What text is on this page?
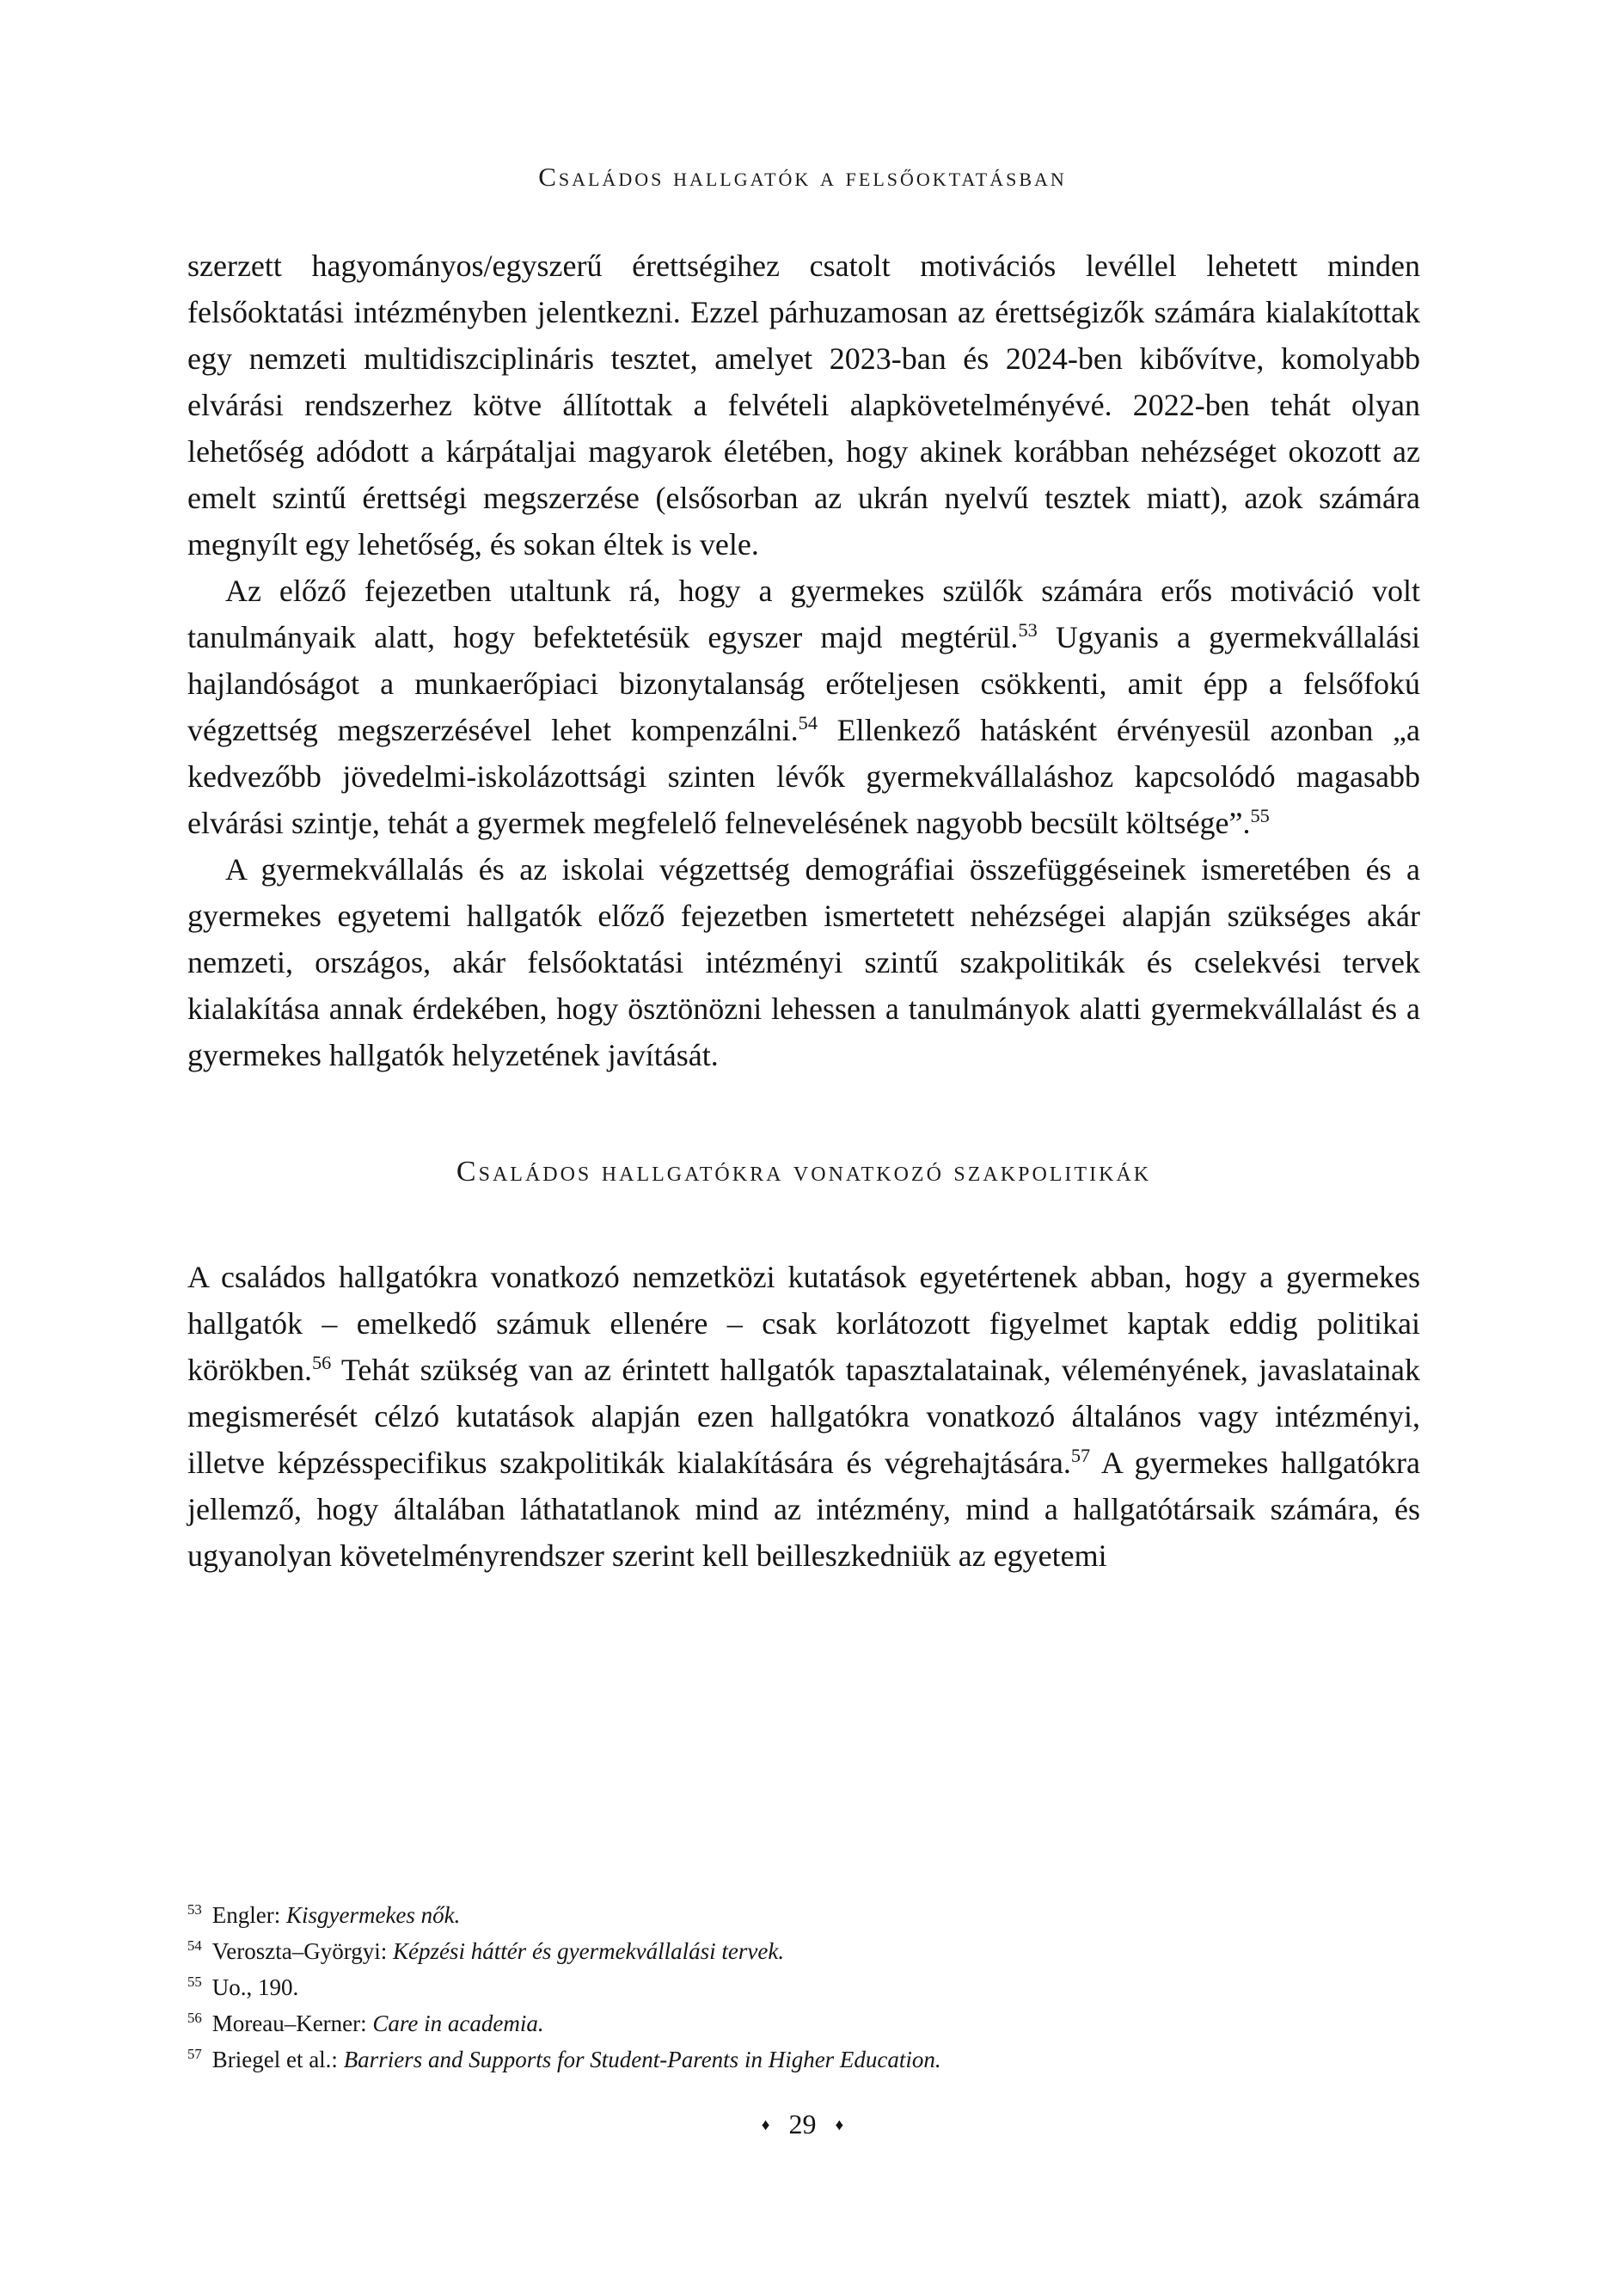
Családos hallgatók a felsőoktatásban

szerzett hagyományos/egyszerű érettségihez csatolt motivációs levéllel lehetett minden felsőoktatási intézményben jelentkezni. Ezzel párhuzamosan az érettségizők számára kialakítottak egy nemzeti multidiszciplináris tesztet, amelyet 2023-ban és 2024-ben kibővítve, komolyabb elvárási rendszerhez kötve állítottak a felvételi alapkövetelményévé. 2022-ben tehát olyan lehetőség adódott a kárpátaljai magyarok életében, hogy akinek korábban nehézséget okozott az emelt szintű érettségi megszerzése (elsősorban az ukrán nyelvű tesztek miatt), azok számára megnyílt egy lehetőség, és sokan éltek is vele.

Az előző fejezetben utaltunk rá, hogy a gyermekes szülők számára erős motiváció volt tanulmányaik alatt, hogy befektetésük egyszer majd megtérül.$^{53}$ Ugyanis a gyermekvállalási hajlandóságot a munkaerőpiaci bizonytalanság erőteljesen csökkenti, amit épp a felsőfokú végzettség megszerzésével lehet kompenzálni.$^{54}$ Ellenkező hatásként érvényesül azonban „a kedvezőbb jövedelmi-iskolázottsági szinten lévők gyermekvállaláshoz kapcsolódó magasabb elvárási szintje, tehát a gyermek megfelelő felnevelésének nagyobb becsült költsége”.$^{55}$

A gyermekvállalás és az iskolai végzettség demográfiai összefüggéseinek ismeretében és a gyermekes egyetemi hallgatók előző fejezetben ismertetett nehézségei alapján szükséges akár nemzeti, országos, akár felsőoktatási intézményi szintű szakpolitikák és cselekvési tervek kialakítása annak érdekében, hogy ösztönözni lehessen a tanulmányok alatti gyermekvállalást és a gyermekes hallgatók helyzetének javítását.

Családos hallgatókra vonatkozó szakpolitikák

A családos hallgatókra vonatkozó nemzetközi kutatások egyetértenek abban, hogy a gyermekes hallgatók – emelkedő számuk ellenére – csak korlátozott figyelmet kaptak eddig politikai körökben.$^{56}$ Tehát szükség van az érintett hallgatók tapasztalatainak, véleményének, javaslatainak megismerését célzó kutatások alapján ezen hallgatókra vonatkozó általános vagy intézményi, illetve képzésspecifikus szakpolitikák kialakítására és végrehajtására.$^{57}$ A gyermekes hallgatókra jellemző, hogy általában láthatatlanok mind az intézmény, mind a hallgatótársaik számára, és ugyanolyan követelményrendszer szerint kell beilleszkedniük az egyetemi

$^{53}$ Engler: Kisgyermekes nők.
$^{54}$ Veroszta–Györgyi: Képzési háttér és gyermekvállalási tervek.
$^{55}$ Uo., 190.
$^{56}$ Moreau–Kerner: Care in academia.
$^{57}$ Briegel et al.: Barriers and Supports for Student-Parents in Higher Education.
♦ 29 ♦
